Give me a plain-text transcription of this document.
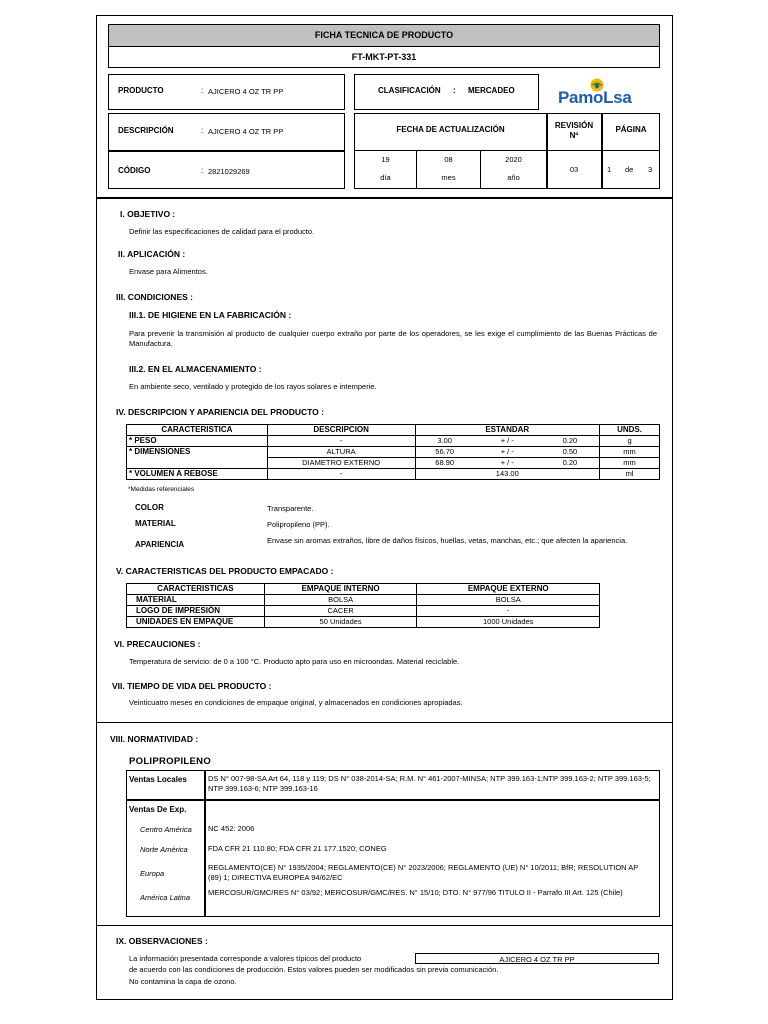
FICHA TECNICA DE PRODUCTO
FT-MKT-PT-331
PRODUCTO	: AJICERO 4 OZ TR PP	CLASIFICACIÓN : MERCADEO	PamoLsa
DESCRIPCIÓN	: AJICERO 4 OZ TR PP
CÓDIGO	: 2821029269
FECHA DE ACTUALIZACIÓN	REVISIÓN
Nº
PÁGINA
19	08	2020
día	mes	año
03	1 de 3
I. OBJETIVO :
Definir las especificaciones de calidad para el producto.
II. APLICACIÓN :
Envase para Alimentos.
III. CONDICIONES :
III.1. DE HIGIENE EN LA FABRICACIÓN :
Para prevenir la transmisión al producto de cualquier cuerpo extraño por parte de los operadores, se les exige el cumplimiento de las Buenas Prácticas de Manufactura.
III.2. EN EL ALMACENAMIENTO :
En ambiente seco, ventilado y protegido de los rayos solares e intemperie.
IV. DESCRIPCION Y APARIENCIA DEL PRODUCTO :
CARACTERISTICA	DESCRIPCION	ESTANDAR			UNDS.
* PESO	-	3.00	+ / -	0.20	g
* DIMENSIONES	ALTURA	56.70	+ / -	0.50	mm
	DIAMETRO EXTERNO	68.90	+ / -	0.20	mm
* VOLUMEN A REBOSE	-	143.00			ml
*Medidas referenciales
COLOR	Transparente.
MATERIAL	Polipropileno (PP).
APARIENCIA	Envase sin aromas extraños, libre de daños físicos, huellas, vetas, manchas, etc.; que afecten la apariencia.
V. CARACTERISTICAS DEL PRODUCTO EMPACADO :
CARACTERISTICAS	EMPAQUE INTERNO	EMPAQUE EXTERNO
MATERIAL	BOLSA	BOLSA
LOGO DE IMPRESIÓN	CACER	-
UNIDADES EN EMPAQUE	50 Unidades	1000 Unidades
VI. PRECAUCIONES :
Temperatura de servicio: de 0 a 100 °C. Producto apto para uso en microondas. Material reciclable.
VII. TIEMPO DE VIDA DEL PRODUCTO :
Veinticuatro meses en condiciones de empaque original, y almacenados en condiciones apropiadas.
VIII. NORMATIVIDAD :
POLIPROPILENO
Ventas Locales	DS N° 007-98-SA Art 64, 118 y 119; DS N° 038-2014-SA; R.M. N° 461-2007-MINSA; NTP 399.163-1;NTP 399.163-2; NTP 399.163-5; NTP 399.163-6; NTP 399.163-16
Ventas De Exp.
Centro América NC 452: 2006
Norte América	FDA CFR 21 110.80; FDA CFR 21 177.1520; CONEG
Europa
REGLAMENTO(CE) N° 1935/2004; REGLAMENTO(CE) N° 2023/2006; REGLAMENTO (UE) N° 10/2011; BfR; RESOLUTION AP (89) 1; DIRECTIVA EUROPEA 94/62/EC
América Latina
MERCOSUR/GMC/RES N° 03/92; MERCOSUR/GMC/RES. N° 15/10; DTO. N° 977/96 TITULO II - Parrafo III Art. 125 (Chile)
IX. OBSERVACIONES :
La información presentada corresponde a valores típicos del producto	AJICERO 4 OZ TR PP
de acuerdo con las condiciones de producción. Estos valores pueden ser modificados sin previa comunicación.
No contamina la capa de ozono.
